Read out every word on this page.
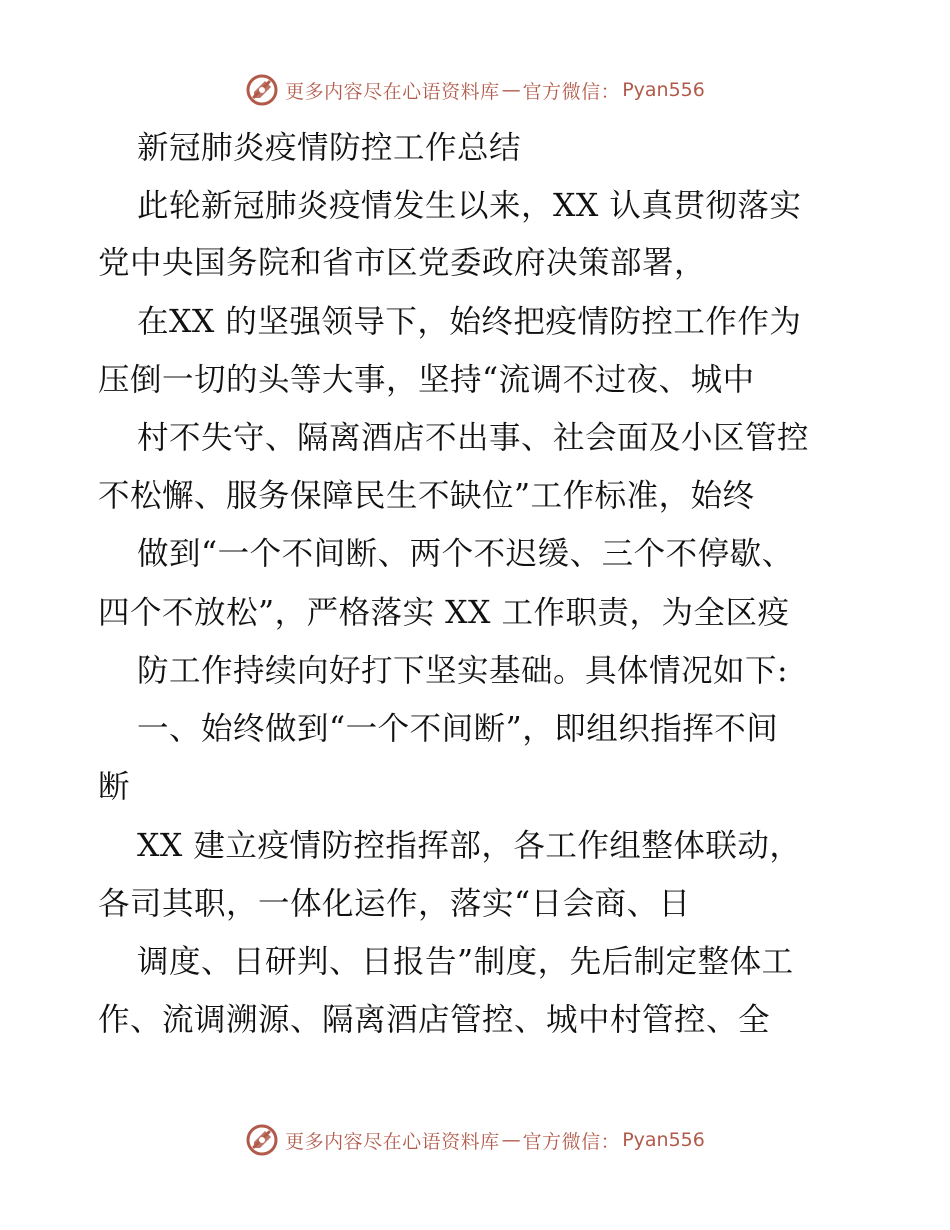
更多内容尽在心语资料库 — 官方微信： Pyan556
新冠肺炎疫情防控工作总结
此轮新冠肺炎疫情发生以来，XX 认真贯彻落实
党中央国务院和省市区党委政府决策部署，
在XX 的坚强领导下，始终把疫情防控工作作为
压倒一切的头等大事，坚持“流调不过夜、城中
村不失守、隔离酒店不出事、社会面及小区管控
不松懈、服务保障民生不缺位”工作标准，始终
做到“一个不间断、两个不迟缓、三个不停歇、
四个不放松”，严格落实 XX 工作职责，为全区疫
防工作持续向好打下坚实基础。具体情况如下:
一、始终做到“一个不间断”，即组织指挥不间
断
XX 建立疫情防控指挥部，各工作组整体联动，
各司其职，一体化运作，落实“日会商、日
调度、日研判、日报告”制度，先后制定整体工
作、流调溯源、隔离酒店管控、城中村管控、全
更多内容尽在心语资料库 — 官方微信： Pyan556
